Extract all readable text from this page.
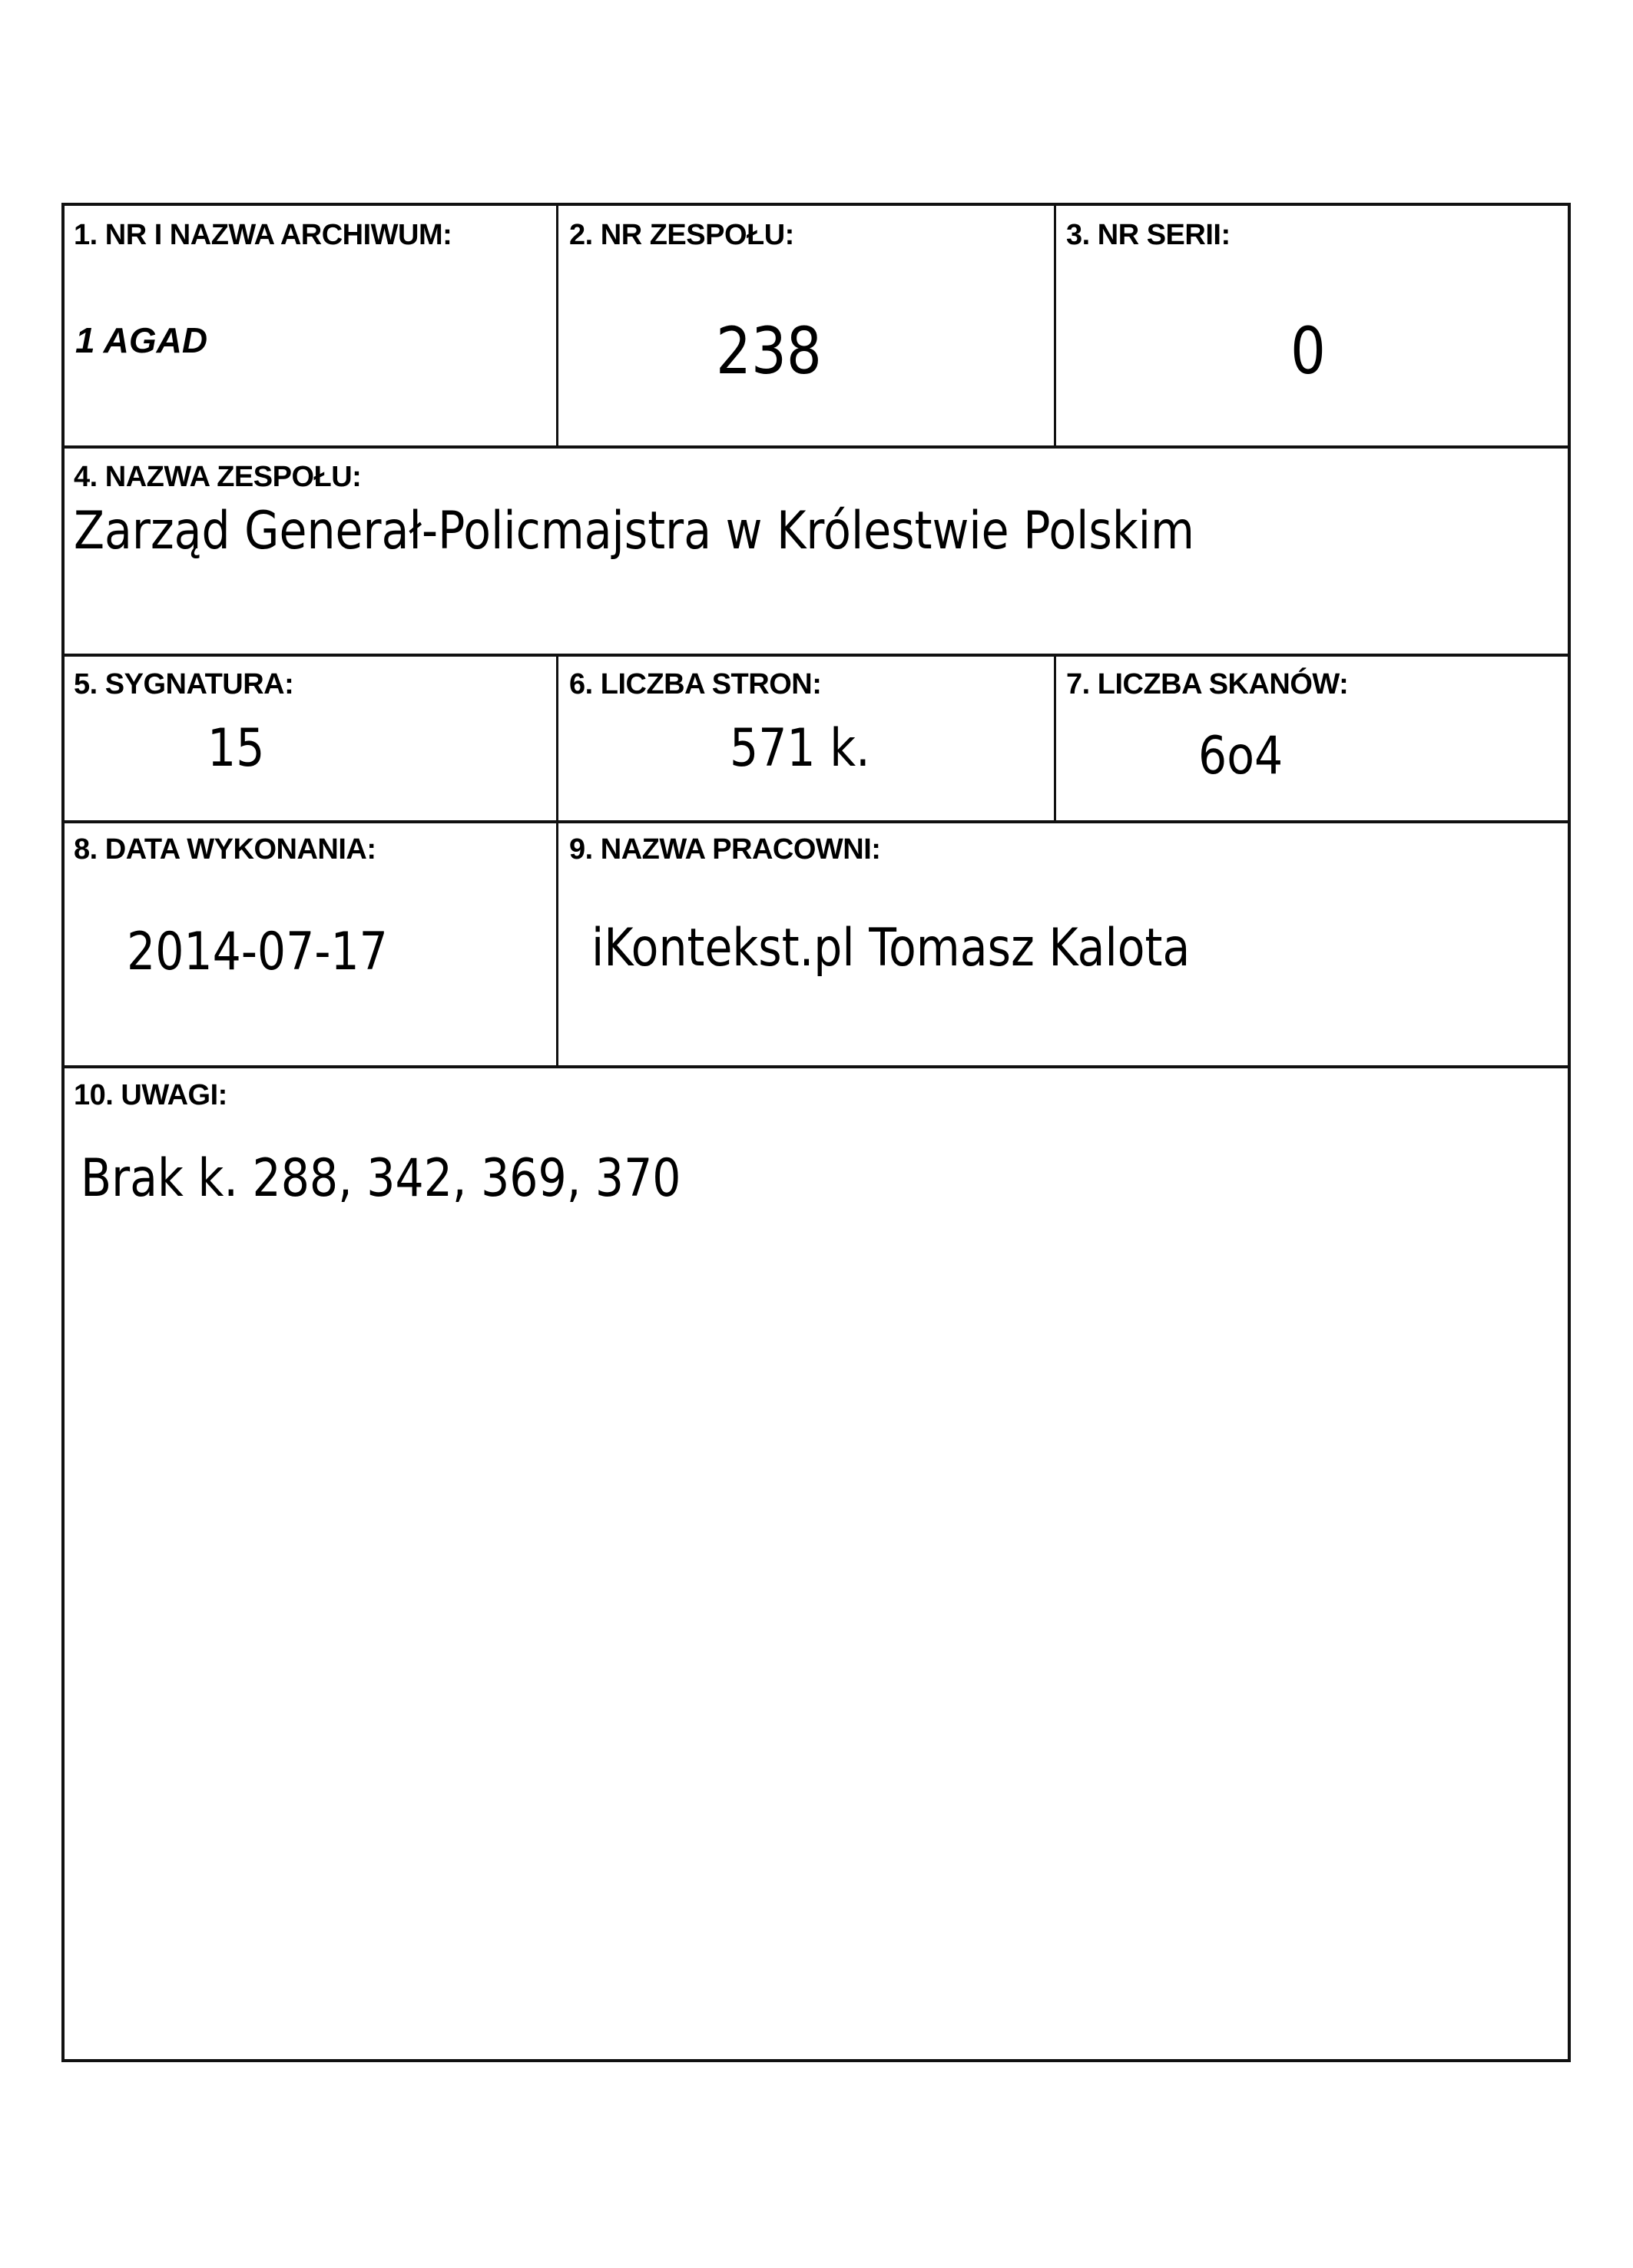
1. NR I NAZWA ARCHIWUM:
1 AGAD
2. NR ZESPOŁU:
238
3. NR SERII:
0
4. NAZWA ZESPOŁU:
Zarząd Generał-Policmajstra w Królestwie Polskim
5. SYGNATURA:
15
6. LICZBA STRON:
571 k.
7. LICZBA SKANÓW:
6o4
8. DATA WYKONANIA:
2014-07-17
9. NAZWA PRACOWNI:
iKontekst.pl Tomasz Kalota
10. UWAGI:
Brak k. 288, 342, 369, 370
